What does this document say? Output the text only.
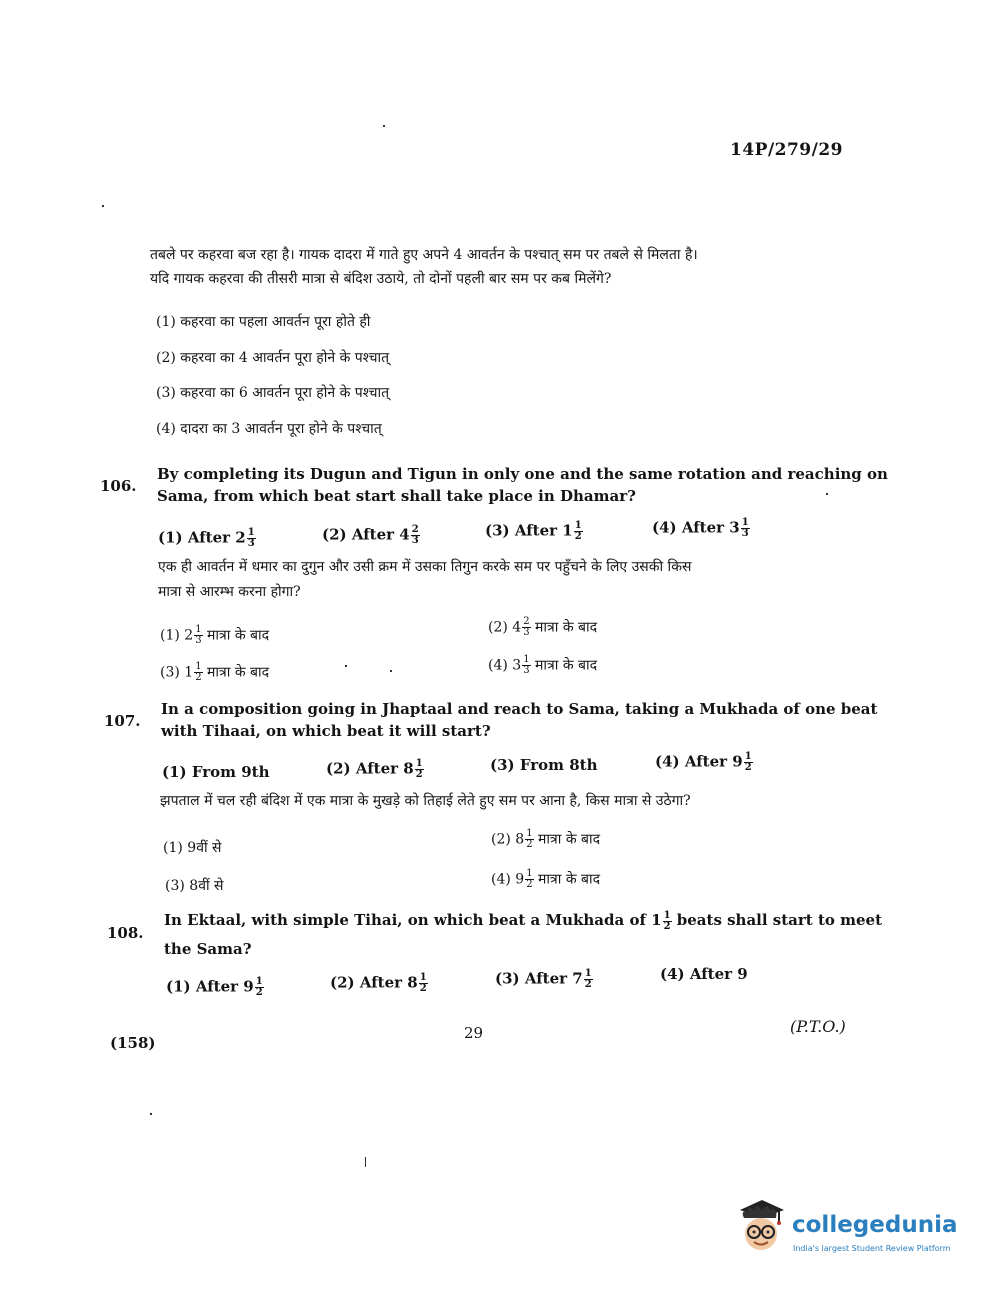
14P/279/29
तबले पर कहरवा बज रहा है। गायक दादरा में गाते हुए अपने 4 आवर्तन के पश्चात् सम पर तबले से मिलता है।
यदि गायक कहरवा की तीसरी मात्रा से बंदिश उठाये, तो दोनों पहली बार सम पर कब मिलेंगे?
(1) कहरवा का पहला आवर्तन पूरा होते ही
(2) कहरवा का 4 आवर्तन पूरा होने के पश्चात्
(3) कहरवा का 6 आवर्तन पूरा होने के पश्चात्
(4) दादरा का 3 आवर्तन पूरा होने के पश्चात्
106.
By completing its Dugun and Tigun in only one and the same rotation and reaching on
Sama, from which beat start shall take place in Dhamar?
(1) After $2 \frac{1}{3}$	(2) After $4 \frac{2}{3}$	(3) After $1 \frac{1}{2}$	(4) After $3 \frac{1}{3}$
एक ही आवर्तन में धमार का दुगुन और उसी क्रम में उसका तिगुन करके सम पर पहुँचने के लिए उसकी किस
मात्रा से आरम्भ करना होगा?
(1) $2 \frac{1}{3}$ मात्रा के बाद	(2) $4 \frac{2}{3}$ मात्रा के बाद
(3) $1 \frac{1}{2}$ मात्रा के बाद	(4) $3 \frac{1}{3}$ मात्रा के बाद
107.
In a composition going in Jhaptaal and reach to Sama, taking a Mukhada of one beat
with Tihaai, on which beat it will start?
(1) From 9th	(2) After $8 \frac{1}{2}$	(3) From 8th	(4) After $9 \frac{1}{2}$
झपताल में चल रही बंदिश में एक मात्रा के मुखड़े को तिहाई लेते हुए सम पर आना है, किस मात्रा से उठेगा?
(1) 9वीं से
(2) $8 \frac{1}{2}$ मात्रा के बाद
(3) 8वीं से	(4) $9 \frac{1}{2}$ मात्रा के बाद
108.
In Ektaal, with simple Tihai, on which beat a Mukhada of $1 \frac{1}{2}$ beats shall start to meet
the Sama?
(1) After $9 \frac{1}{2}$	(2) After $8 \frac{1}{2}$	(3) After $7 \frac{1}{2}$	(4) After 9
(158)
29	(P.T.O.)
collegedunia
India's largest Student Review Platform
